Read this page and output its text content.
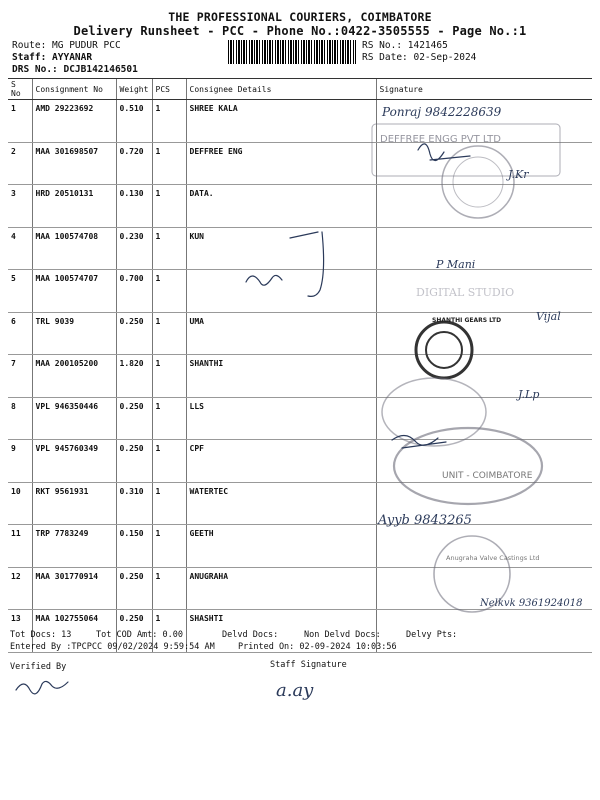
THE PROFESSIONAL COURIERS, COIMBATORE
Delivery Runsheet - PCC - Phone No.:0422-3505555 - Page No.:1
Route: MG PUDUR PCC
Staff: AYYANAR
DRS No.: DCJB142146501
RS No.: 1421465
RS Date: 02-Sep-2024
S No	Consignment No	Weight	PCS	Consignee Details	Signature
1	AMD 29223692	0.510	1	SHREE KALA	
2	MAA 301698507	0.720	1	DEFFREE ENG	
3	HRD 20510131	0.130	1	DATA.	
4	MAA 100574708	0.230	1	KUN	
5	MAA 100574707	0.700	1		
6	TRL 9039	0.250	1	UMA	
7	MAA 200105200	1.820	1	SHANTHI	
8	VPL 946350446	0.250	1	LLS	
9	VPL 945760349	0.250	1	CPF	
10	RKT 9561931	0.310	1	WATERTEC	
11	TRP 7783249	0.150	1	GEETH	
12	MAA 301770914	0.250	1	ANUGRAHA	
13	MAA 102755064	0.250	1	SHASHTI	
Tot Docs: 13	Tot COD Amt: 0.00	Delvd Docs:	Non Delvd Docs:	Delvy Pts:
Entered By :TPCPCC 09/02/2024 9:59:54 AM	Printed On: 02-09-2024 10:03:56
Verified By	Staff Signature
DEFFREE ENGG PVT LTD
DIGITAL STUDIO
SHANTHI GEARS LTD
UNIT - COIMBATORE
Anugraha Valve Castings Ltd
Ponraj 9842228639
J.Kr
P Mani
Vijal
J.Lp
Ayyb 9843265
Nelkvk 9361924018
a.ay
